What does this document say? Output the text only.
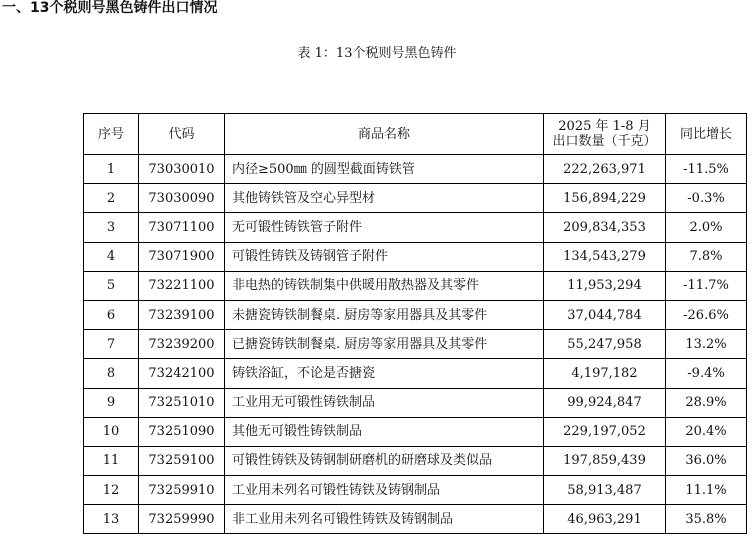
一、13个税则号黑色铸件出口情况
表 1：13个税则号黑色铸件
序号	代码	商品名称	2025 年 1-8 月
出口数量（千克）	同比增长
1	73030010	内径≥500㎜ 的圆型截面铸铁管	222,263,971	-11.5%
2	73030090	其他铸铁管及空心异型材	156,894,229	-0.3%
3	73071100	无可锻性铸铁管子附件	209,834,353	2.0%
4	73071900	可锻性铸铁及铸钢管子附件	134,543,279	7.8%
5	73221100	非电热的铸铁制集中供暖用散热器及其零件	11,953,294	-11.7%
6	73239100	未搪瓷铸铁制餐桌. 厨房等家用器具及其零件	37,044,784	-26.6%
7	73239200	已搪瓷铸铁制餐桌. 厨房等家用器具及其零件	55,247,958	13.2%
8	73242100	铸铁浴缸，不论是否搪瓷	4,197,182	-9.4%
9	73251010	工业用无可锻性铸铁制品	99,924,847	28.9%
10	73251090	其他无可锻性铸铁制品	229,197,052	20.4%
11	73259100	可锻性铸铁及铸钢制研磨机的研磨球及类似品	197,859,439	36.0%
12	73259910	工业用未列名可锻性铸铁及铸钢制品	58,913,487	11.1%
13	73259990	非工业用未列名可锻性铸铁及铸钢制品	46,963,291	35.8%
